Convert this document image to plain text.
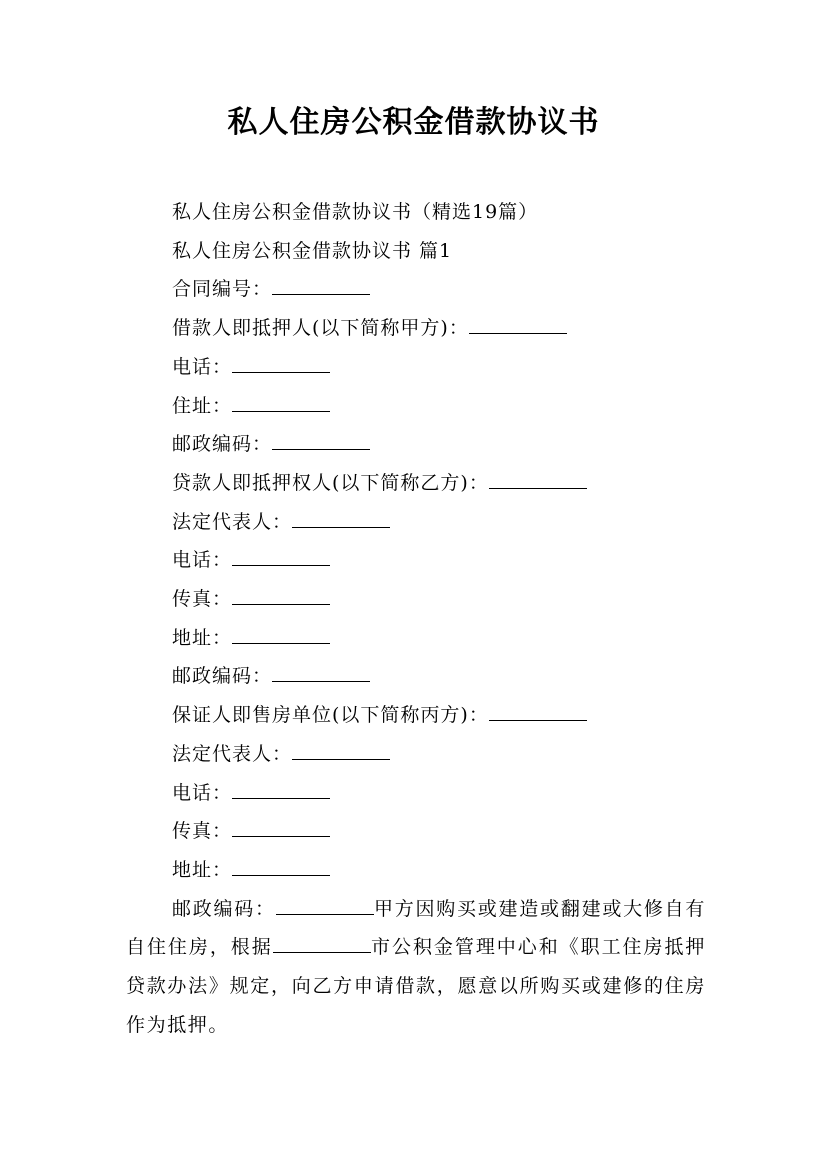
私人住房公积金借款协议书

私人住房公积金借款协议书（精选19篇）

私人住房公积金借款协议书 篇1

合同编号：

借款人即抵押人(以下简称甲方)：

电话：

住址：

邮政编码：

贷款人即抵押权人(以下简称乙方)：

法定代表人：

电话：

传真：

地址：

邮政编码：

保证人即售房单位(以下简称丙方)：

法定代表人：

电话：

传真：

地址：

邮政编码：	甲方因购买或建造或翻建或大修自有自住住房，根据	市公积金管理中心和《职工住房抵押贷款办法》规定，向乙方申请借款，愿意以所购买或建修的住房作为抵押。
